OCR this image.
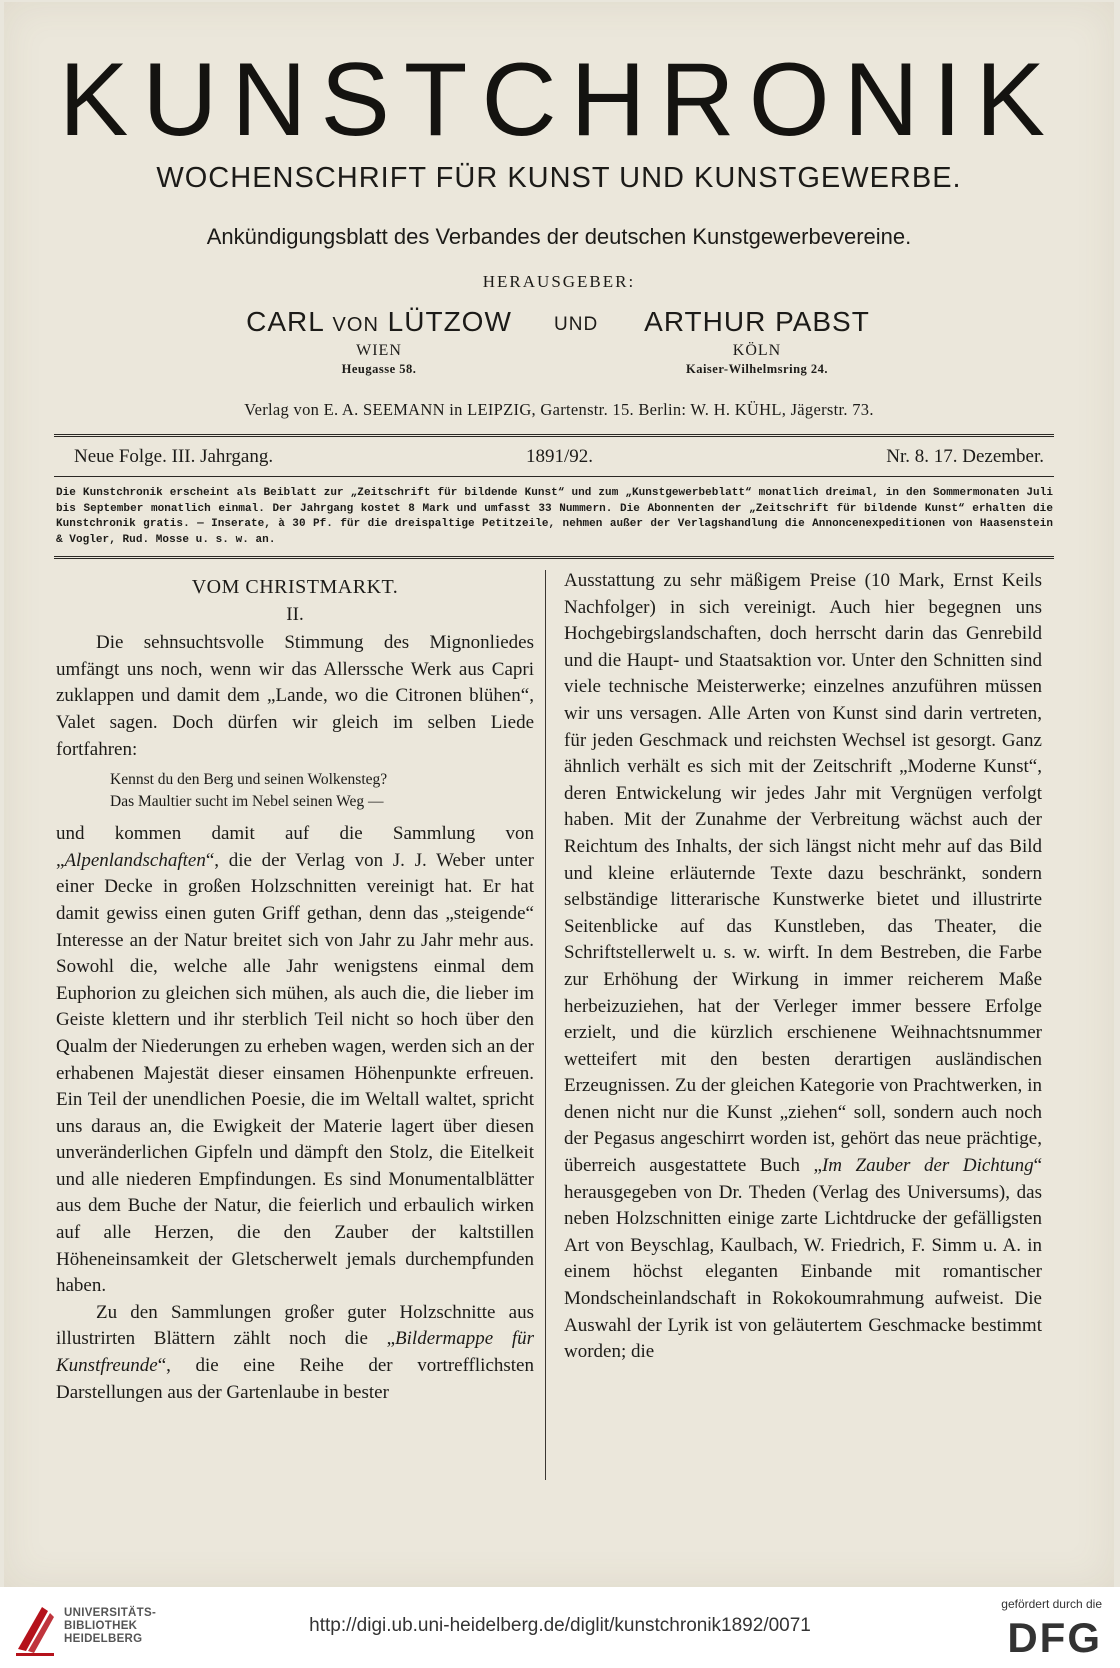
KUNSTCHRONIK
WOCHENSCHRIFT FÜR KUNST UND KUNSTGEWERBE.
Ankündigungsblatt des Verbandes der deutschen Kunstgewerbevereine.
HERAUSGEBER:
CARL VON LÜTZOW
WIEN
Heugasse 58.
UND	ARTHUR PABST
KÖLN
Kaiser-Wilhelmsring 24.
Verlag von E. A. SEEMANN in LEIPZIG, Gartenstr. 15. Berlin: W. H. KÜHL, Jägerstr. 73.
Neue Folge. III. Jahrgang.	1891/92.	Nr. 8. 17. Dezember.
Die Kunstchronik erscheint als Beiblatt zur „Zeitschrift für bildende Kunst“ und zum „Kunstgewerbeblatt“ monatlich dreimal, in den Sommermonaten Juli bis September monatlich einmal. Der Jahrgang kostet 8 Mark und umfasst 33 Nummern. Die Abonnenten der „Zeitschrift für bildende Kunst“ erhalten die Kunstchronik gratis. — Inserate, à 30 Pf. für die dreispaltige Petitzeile, nehmen außer der Verlagshandlung die Annoncenexpeditionen von Haasenstein & Vogler, Rud. Mosse u. s. w. an.
VOM CHRISTMARKT.
II.

Die sehnsuchtsvolle Stimmung des Mignonliedes umfängt uns noch, wenn wir das Allerssche Werk aus Capri zuklappen und damit dem „Lande, wo die Citronen blühen“, Valet sagen. Doch dürfen wir gleich im selben Liede fortfahren:

Kennst du den Berg und seinen Wolkensteg?
Das Maultier sucht im Nebel seinen Weg —

und kommen damit auf die Sammlung von „Alpenlandschaften“, die der Verlag von J. J. Weber unter einer Decke in großen Holzschnitten vereinigt hat. Er hat damit gewiss einen guten Griff gethan, denn das „steigende“ Interesse an der Natur breitet sich von Jahr zu Jahr mehr aus. Sowohl die, welche alle Jahr wenigstens einmal dem Euphorion zu gleichen sich mühen, als auch die, die lieber im Geiste klettern und ihr sterblich Teil nicht so hoch über den Qualm der Niederungen zu erheben wagen, werden sich an der erhabenen Majestät dieser einsamen Höhenpunkte erfreuen. Ein Teil der unendlichen Poesie, die im Weltall waltet, spricht uns daraus an, die Ewigkeit der Materie lagert über diesen unveränderlichen Gipfeln und dämpft den Stolz, die Eitelkeit und alle niederen Empfindungen. Es sind Monumentalblätter aus dem Buche der Natur, die feierlich und erbaulich wirken auf alle Herzen, die den Zauber der kaltstillen Höheneinsamkeit der Gletscherwelt jemals durchempfunden haben.

Zu den Sammlungen großer guter Holzschnitte aus illustrirten Blättern zählt noch die „Bildermappe für Kunstfreunde“, die eine Reihe der vortrefflichsten Darstellungen aus der Gartenlaube in bester

Ausstattung zu sehr mäßigem Preise (10 Mark, Ernst Keils Nachfolger) in sich vereinigt. Auch hier begegnen uns Hochgebirgslandschaften, doch herrscht darin das Genrebild und die Haupt- und Staatsaktion vor. Unter den Schnitten sind viele technische Meisterwerke; einzelnes anzuführen müssen wir uns versagen. Alle Arten von Kunst sind darin vertreten, für jeden Geschmack und reichsten Wechsel ist gesorgt. Ganz ähnlich verhält es sich mit der Zeitschrift „Moderne Kunst“, deren Entwickelung wir jedes Jahr mit Vergnügen verfolgt haben. Mit der Zunahme der Verbreitung wächst auch der Reichtum des Inhalts, der sich längst nicht mehr auf das Bild und kleine erläuternde Texte dazu beschränkt, sondern selbständige litterarische Kunstwerke bietet und illustrirte Seitenblicke auf das Kunstleben, das Theater, die Schriftstellerwelt u. s. w. wirft. In dem Bestreben, die Farbe zur Erhöhung der Wirkung in immer reicherem Maße herbeizuziehen, hat der Verleger immer bessere Erfolge erzielt, und die kürzlich erschienene Weihnachtsnummer wetteifert mit den besten derartigen ausländischen Erzeugnissen. Zu der gleichen Kategorie von Prachtwerken, in denen nicht nur die Kunst „ziehen“ soll, sondern auch noch der Pegasus angeschirrt worden ist, gehört das neue prächtige, überreich ausgestattete Buch „Im Zauber der Dichtung“ herausgegeben von Dr. Theden (Verlag des Universums), das neben Holzschnitten einige zarte Lichtdrucke der gefälligsten Art von Beyschlag, Kaulbach, W. Friedrich, F. Simm u. A. in einem höchst eleganten Einbande mit romantischer Mondscheinlandschaft in Rokokoumrahmung aufweist. Die Auswahl der Lyrik ist von geläutertem Geschmacke bestimmt worden; die

UNIVERSITÄTS-
BIBLIOTHEK
HEIDELBERG
http://digi.ub.uni-heidelberg.de/diglit/kunstchronik1892/0071
gefördert durch die
DFG
